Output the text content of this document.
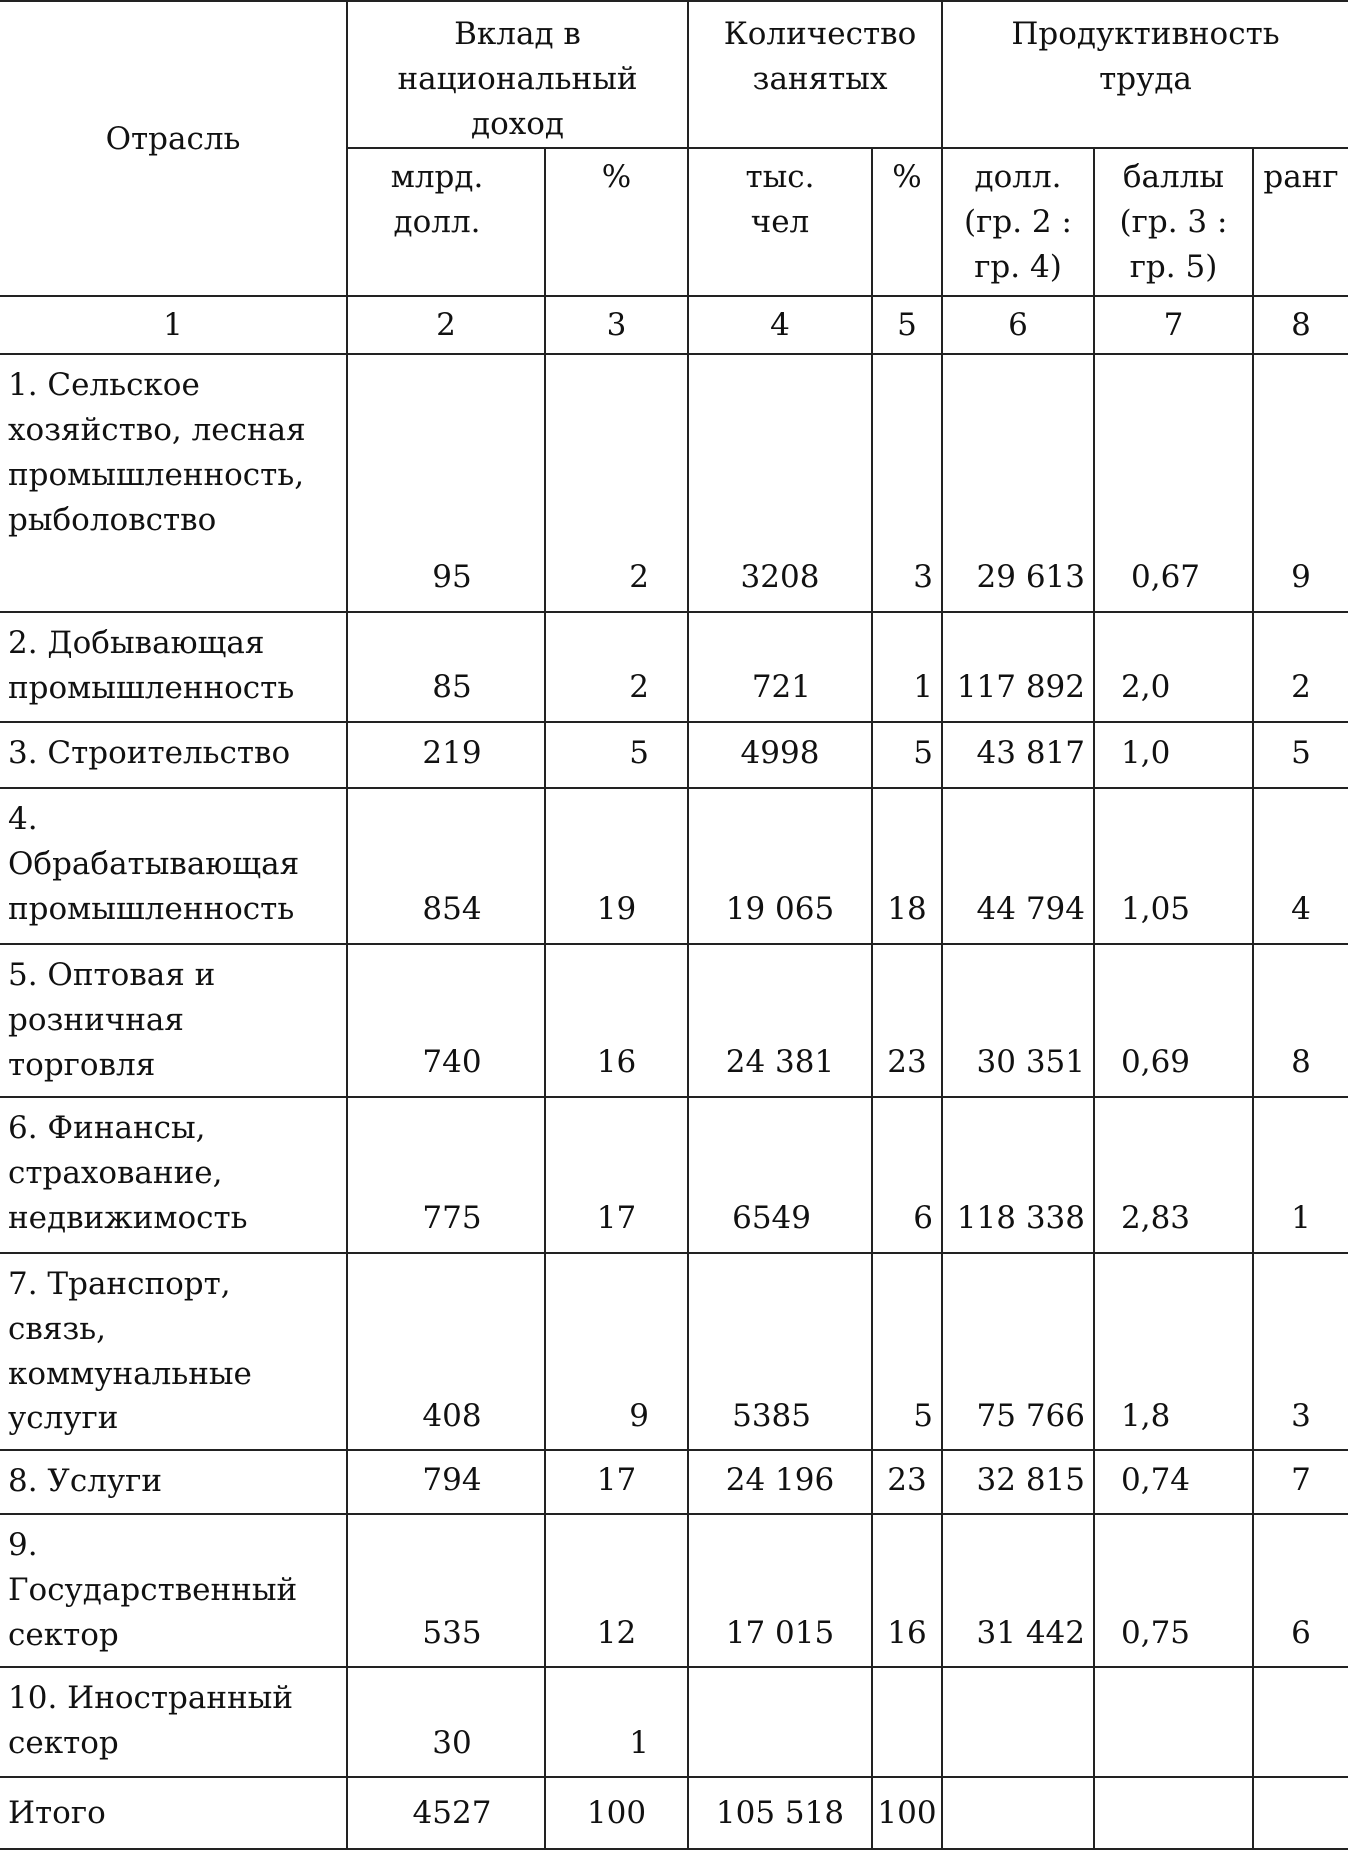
Отрасль	Вклад в национальный доход		Количество занятых		Продуктивность труда		
	млрд. долл.	%	тыс. чел	%	долл. (гр. 2 : гр. 4)	баллы (гр. 3 : гр. 5)	ранг
1	2	3	4	5	6	7	8
1. Сельское хозяйство, лесная промышленность, рыболовство	95	2	3208	3	29 613	0,67	9
2. Добывающая промышленность	85	2	721	1	117 892	2,0	2
3. Строительство	219	5	4998	5	43 817	1,0	5
4. Обрабатывающая промышленность	854	19	19 065	18	44 794	1,05	4
5. Оптовая и розничная торговля	740	16	24 381	23	30 351	0,69	8
6. Финансы, страхование, недвижимость	775	17	6549	6	118 338	2,83	1
7. Транспорт, связь, коммунальные услуги	408	9	5385	5	75 766	1,8	3
8. Услуги	794	17	24 196	23	32 815	0,74	7
9. Государственный сектор	535	12	17 015	16	31 442	0,75	6
10. Иностранный сектор	30	1					
Итого	4527	100	105 518	100			
